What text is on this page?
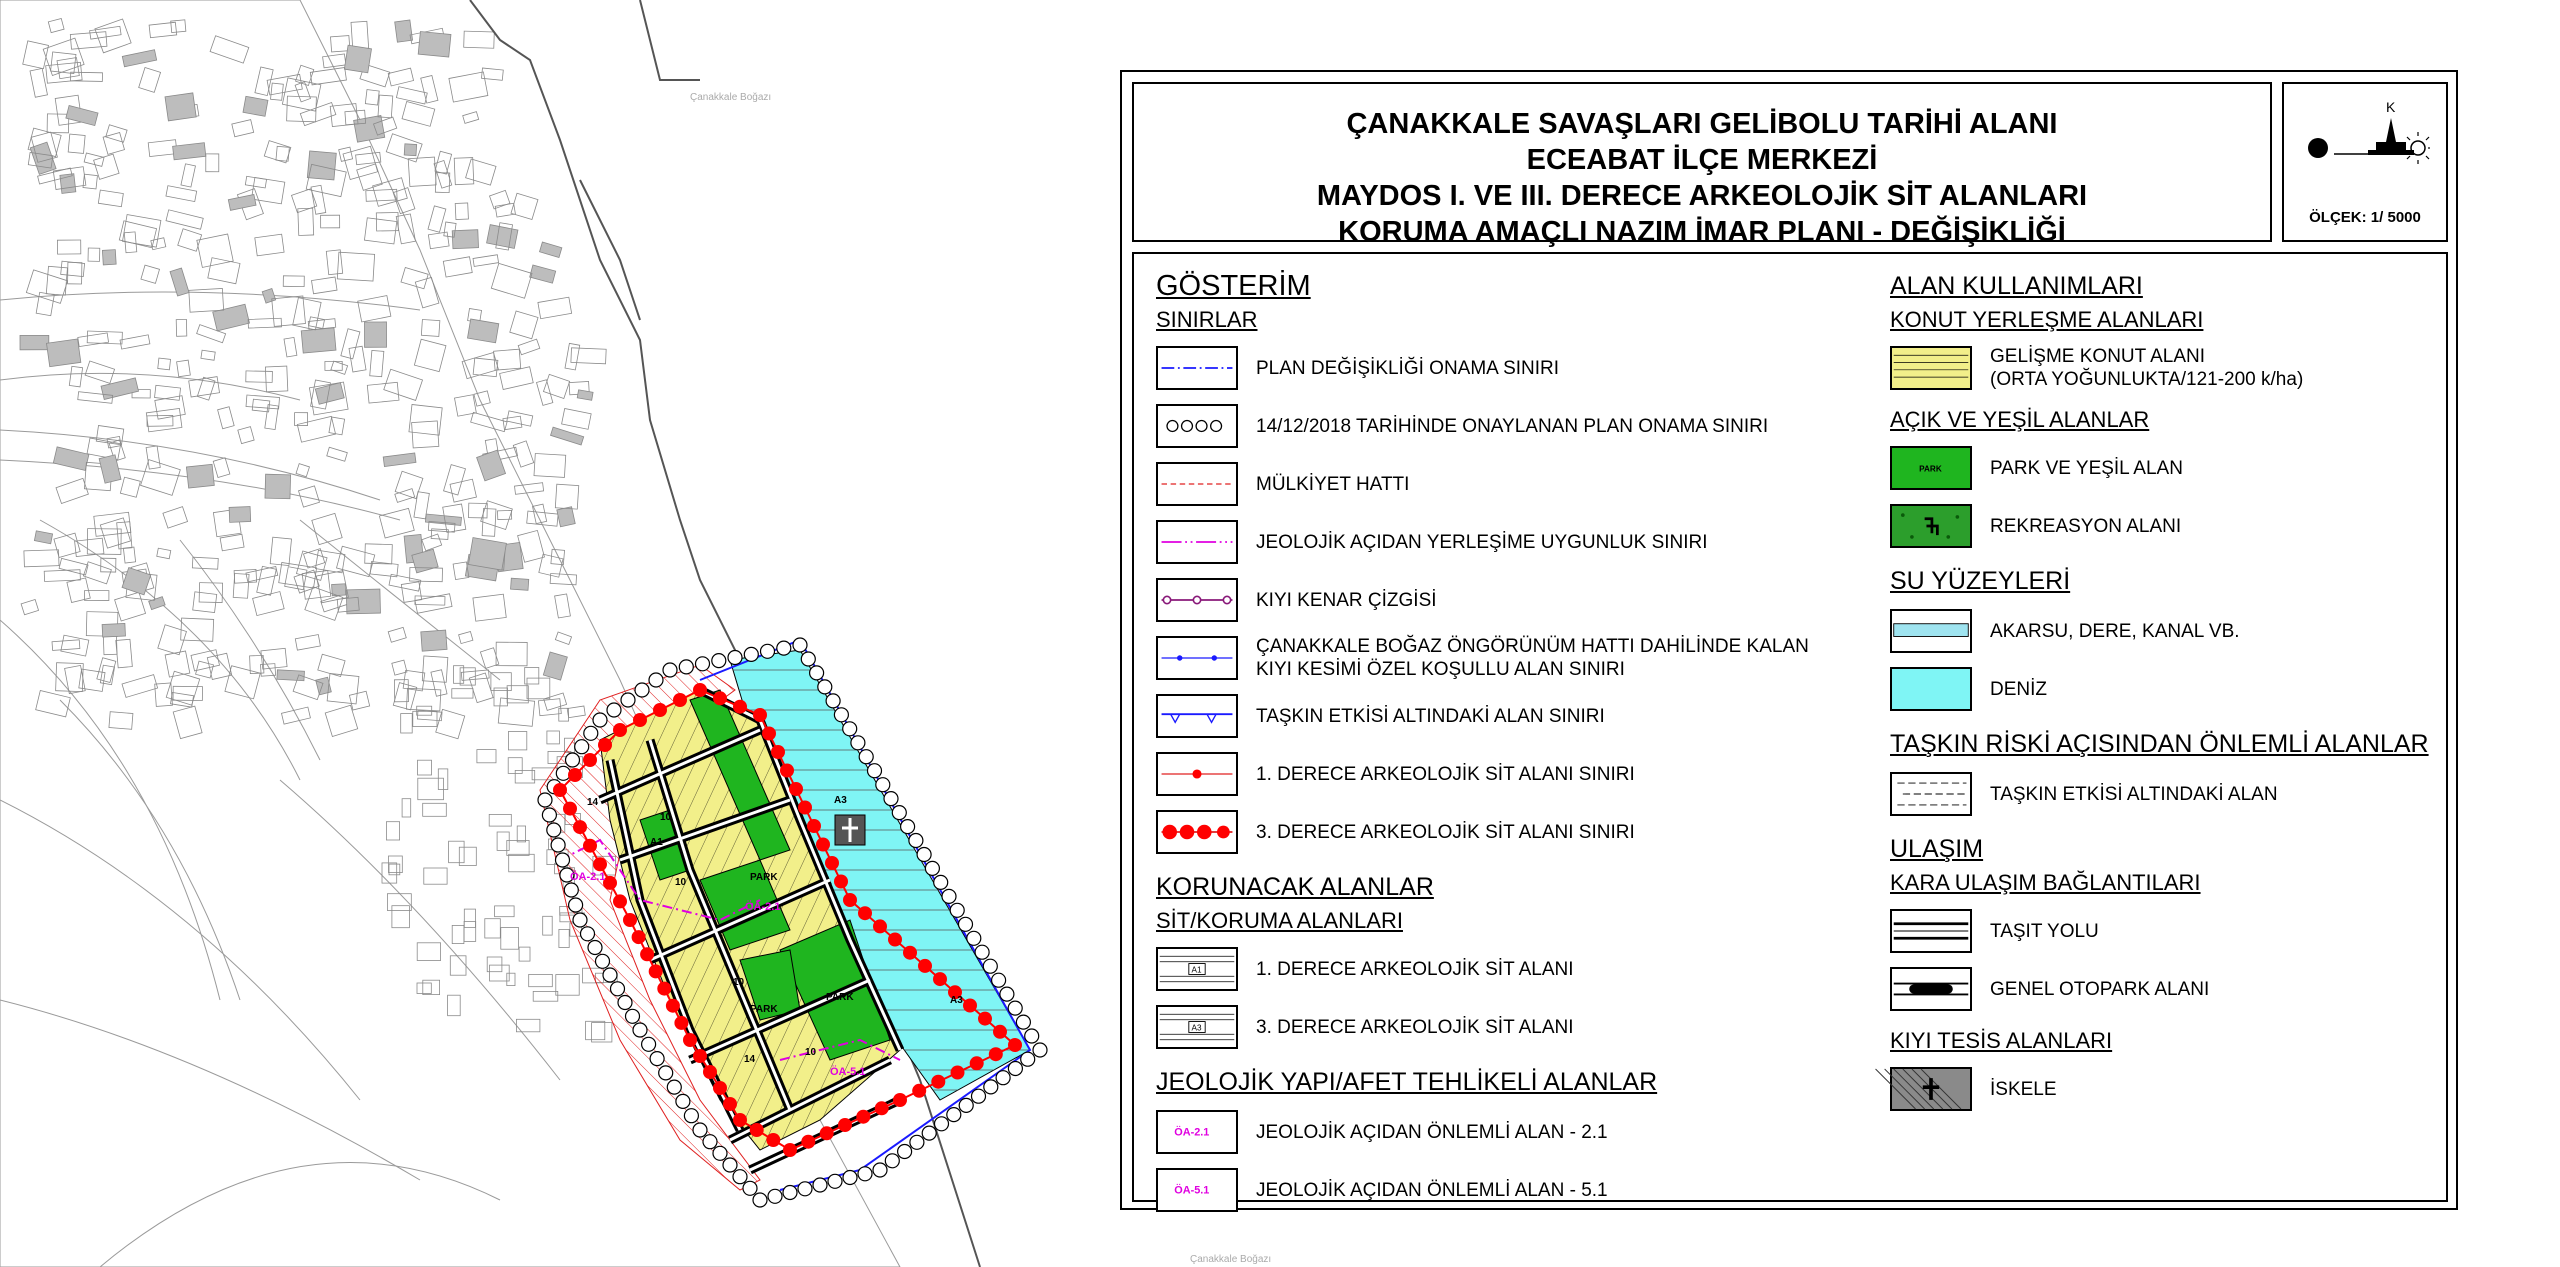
Çanakkale Boğazı
Çanakkale Boğazı
PARK
PARK
PARK
A1
A3
A3
ÖA-2.1
ÖA-2.1
ÖA-5.1
10
10
10
10
14
14
ÇANAKKALE SAVAŞLARI GELİBOLU TARİHİ ALANI
ECEABAT İLÇE MERKEZİ
MAYDOS I. VE III. DERECE ARKEOLOJİK SİT ALANLARI
KORUMA AMAÇLI NAZIM İMAR PLANI - DEĞİŞİKLİĞİ
K
ÖLÇEK: 1/ 5000
GÖSTERİM
SINIRLAR
PLAN DEĞİŞİKLİĞİ ONAMA SINIRI
14/12/2018 TARİHİNDE ONAYLANAN PLAN ONAMA SINIRI
MÜLKİYET HATTI
JEOLOJİK AÇIDAN YERLEŞİME UYGUNLUK SINIRI
KIYI KENAR ÇİZGİSİ
ÇANAKKALE BOĞAZ ÖNGÖRÜNÜM HATTI DAHİLİNDE KALAN
KIYI KESİMİ ÖZEL KOŞULLU ALAN SINIRI
TAŞKIN ETKİSİ ALTINDAKİ ALAN SINIRI
1. DERECE ARKEOLOJİK SİT ALANI SINIRI
3. DERECE ARKEOLOJİK SİT ALANI SINIRI
KORUNACAK ALANLAR
SİT/KORUMA ALANLARI
A1	1. DERECE ARKEOLOJİK SİT ALANI
A3	3. DERECE ARKEOLOJİK SİT ALANI
JEOLOJİK YAPI/AFET TEHLİKELİ ALANLAR
ÖA-2.1 JEOLOJİK AÇIDAN ÖNLEMLİ ALAN - 2.1
ÖA-5.1 JEOLOJİK AÇIDAN ÖNLEMLİ ALAN - 5.1
ALAN KULLANIMLARI
KONUT YERLEŞME ALANLARI
GELİŞME KONUT ALANI
(ORTA YOĞUNLUKTA/121-200 k/ha)
AÇIK VE YEŞİL ALANLAR
PARK	PARK VE YEŞİL ALAN
REKREASYON ALANI
SU YÜZEYLERİ
AKARSU, DERE, KANAL VB.
DENİZ
TAŞKIN RİSKİ AÇISINDAN ÖNLEMLİ ALANLAR
TAŞKIN ETKİSİ ALTINDAKİ ALAN
ULAŞIM
KARA ULAŞIM BAĞLANTILARI
TAŞIT YOLU
GENEL OTOPARK ALANI
KIYI TESİS ALANLARI
İSKELE
